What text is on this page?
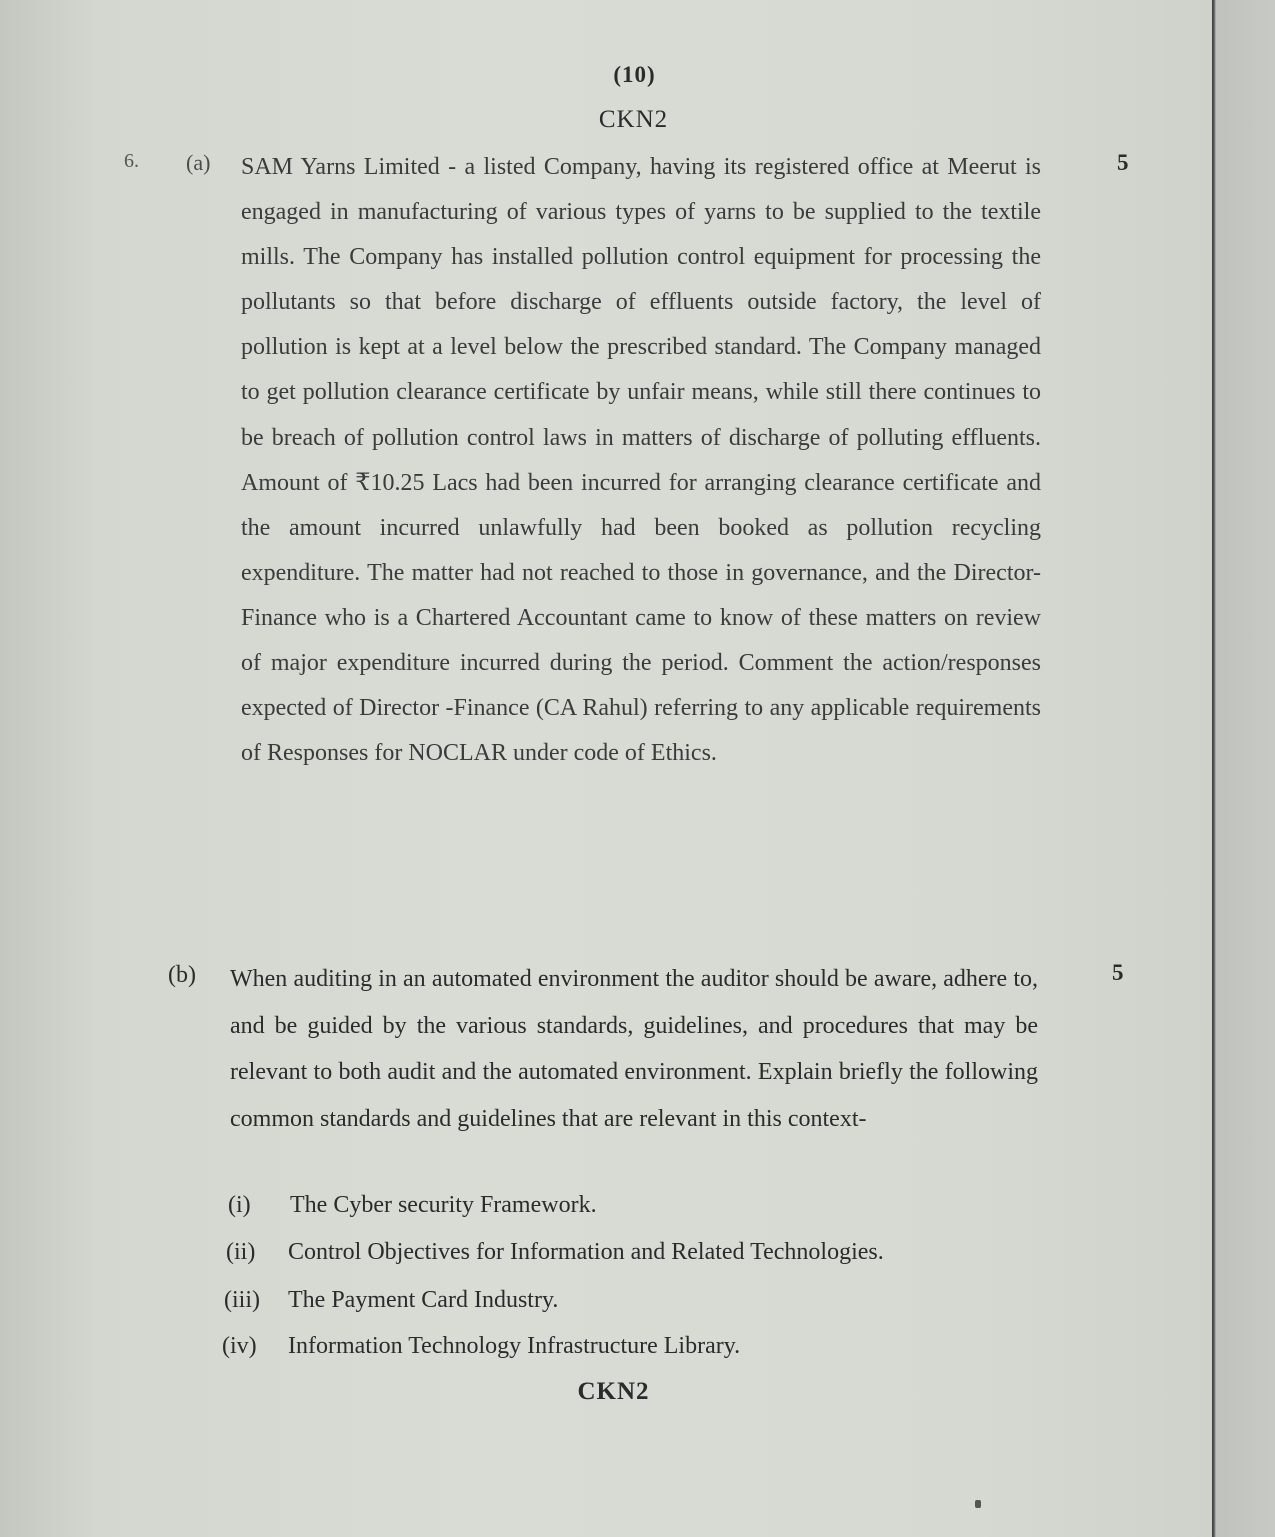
(10)
CKN2
6. (a)	5

SAM Yarns Limited - a listed Company, having its registered office at Meerut is engaged in manufacturing of various types of yarns to be supplied to the textile mills. The Company has installed pollution control equipment for processing the pollutants so that before discharge of effluents outside factory, the level of pollution is kept at a level below the prescribed standard. The Company managed to get pollution clearance certificate by unfair means, while still there continues to be breach of pollution control laws in matters of discharge of polluting effluents. Amount of ₹10.25 Lacs had been incurred for arranging clearance certificate and the amount incurred unlawfully had been booked as pollution recycling expenditure. The matter had not reached to those in governance, and the Director-Finance who is a Chartered Accountant came to know of these matters on review of major expenditure incurred during the period. Comment the action/responses expected of Director -Finance (CA Rahul) referring to any applicable requirements of Responses for NOCLAR under code of Ethics.

(b)	5

When auditing in an automated environment the auditor should be aware, adhere to, and be guided by the various standards, guidelines, and procedures that may be relevant to both audit and the automated environment. Explain briefly the following common standards and guidelines that are relevant in this context-

(i) The Cyber security Framework.
(ii) Control Objectives for Information and Related Technologies.
(iii) The Payment Card Industry.
(iv) Information Technology Infrastructure Library.
CKN2
